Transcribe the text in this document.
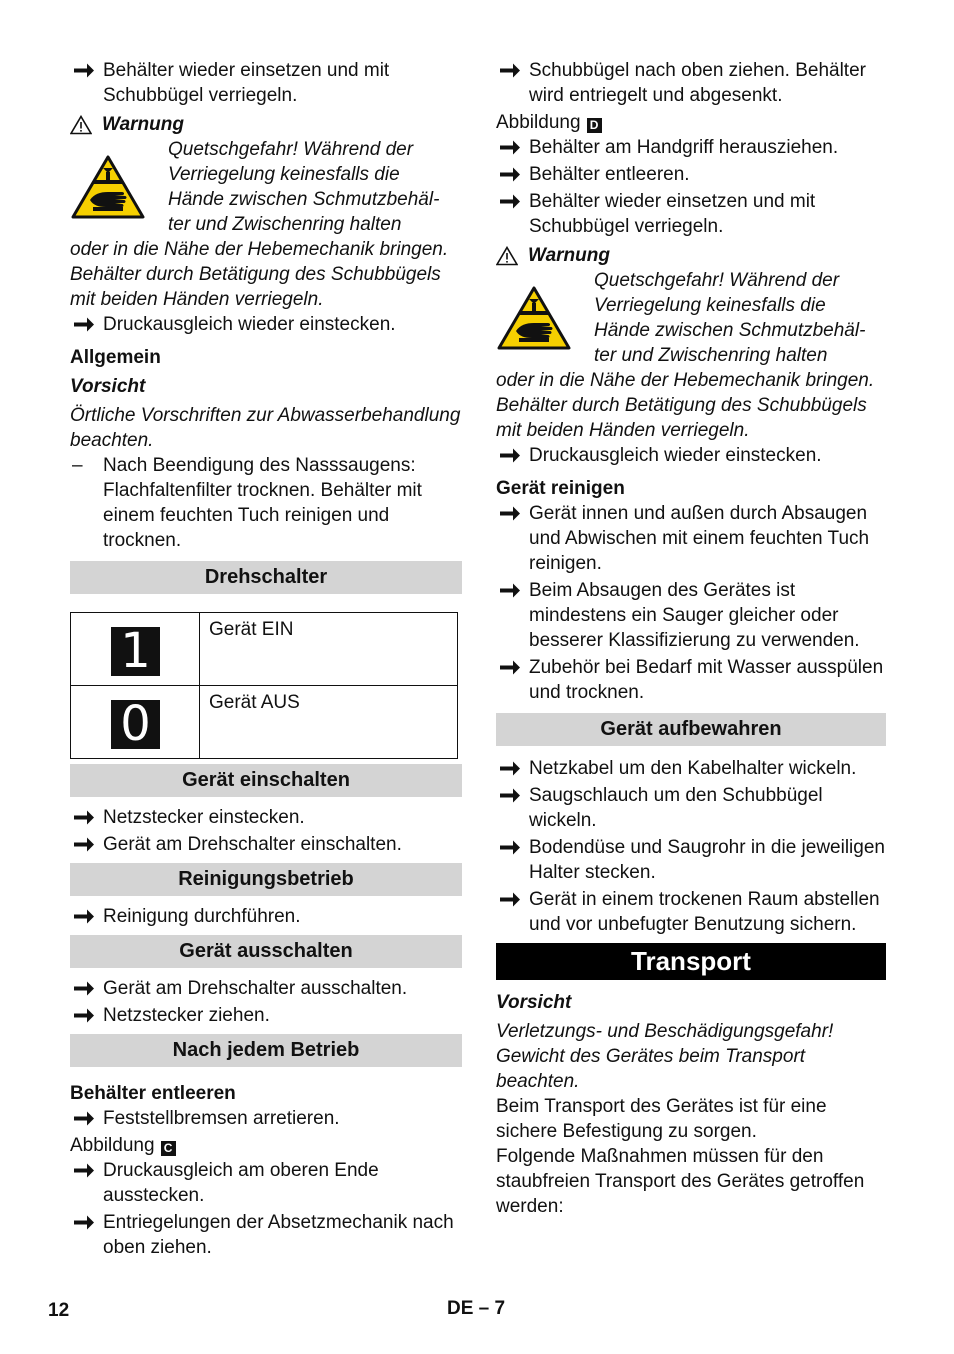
Behälter wieder einsetzen und mit Schubbügel verriegeln.
Warnung
Quetschgefahr! Während der
Verriegelung keinesfalls die
Hände zwischen Schmutzbehäl-
ter und Zwischenring halten
oder in die Nähe der Hebemechanik bringen. Behälter durch Betätigung des Schubbügels mit beiden Händen verriegeln.
Druckausgleich wieder einstecken.

Allgemein

Vorsicht

Örtliche Vorschriften zur Abwasserbehandlung beachten.

– Nach Beendigung des Nasssaugens: Flachfaltenfilter trocknen. Behälter mit einem feuchten Tuch reinigen und trocknen.
Drehschalter
1	Gerät EIN

0	Gerät AUS
Gerät einschalten
Netzstecker einstecken.
Gerät am Drehschalter einschalten.
Reinigungsbetrieb
Reinigung durchführen.
Gerät ausschalten
Gerät am Drehschalter ausschalten.
Netzstecker ziehen.
Nach jedem Betrieb

Behälter entleeren

Feststellbremsen arretieren.

Abbildung C

Druckausgleich am oberen Ende ausstecken.
Entriegelungen der Absetzmechanik nach oben ziehen.
Schubbügel nach oben ziehen. Behälter wird entriegelt und abgesenkt.

Abbildung D

Behälter am Handgriff herausziehen.
Behälter entleeren.
Behälter wieder einsetzen und mit Schubbügel verriegeln.
Warnung
Quetschgefahr! Während der
Verriegelung keinesfalls die
Hände zwischen Schmutzbehäl-
ter und Zwischenring halten
oder in die Nähe der Hebemechanik bringen. Behälter durch Betätigung des Schubbügels mit beiden Händen verriegeln.
Druckausgleich wieder einstecken.

Gerät reinigen

Gerät innen und außen durch Absaugen und Abwischen mit einem feuchten Tuch reinigen.
Beim Absaugen des Gerätes ist mindestens ein Sauger gleicher oder besserer Klassifizierung zu verwenden.
Zubehör bei Bedarf mit Wasser ausspülen und trocknen.
Gerät aufbewahren
Netzkabel um den Kabelhalter wickeln.
Saugschlauch um den Schubbügel wickeln.
Bodendüse und Saugrohr in die jeweiligen Halter stecken.
Gerät in einem trockenen Raum abstellen und vor unbefugter Benutzung sichern.
Transport

Vorsicht

Verletzungs- und Beschädigungsgefahr! Gewicht des Gerätes beim Transport beachten.

Beim Transport des Gerätes ist für eine sichere Befestigung zu sorgen.

Folgende Maßnahmen müssen für den staubfreien Transport des Gerätes getroffen werden:

12	DE – 7
